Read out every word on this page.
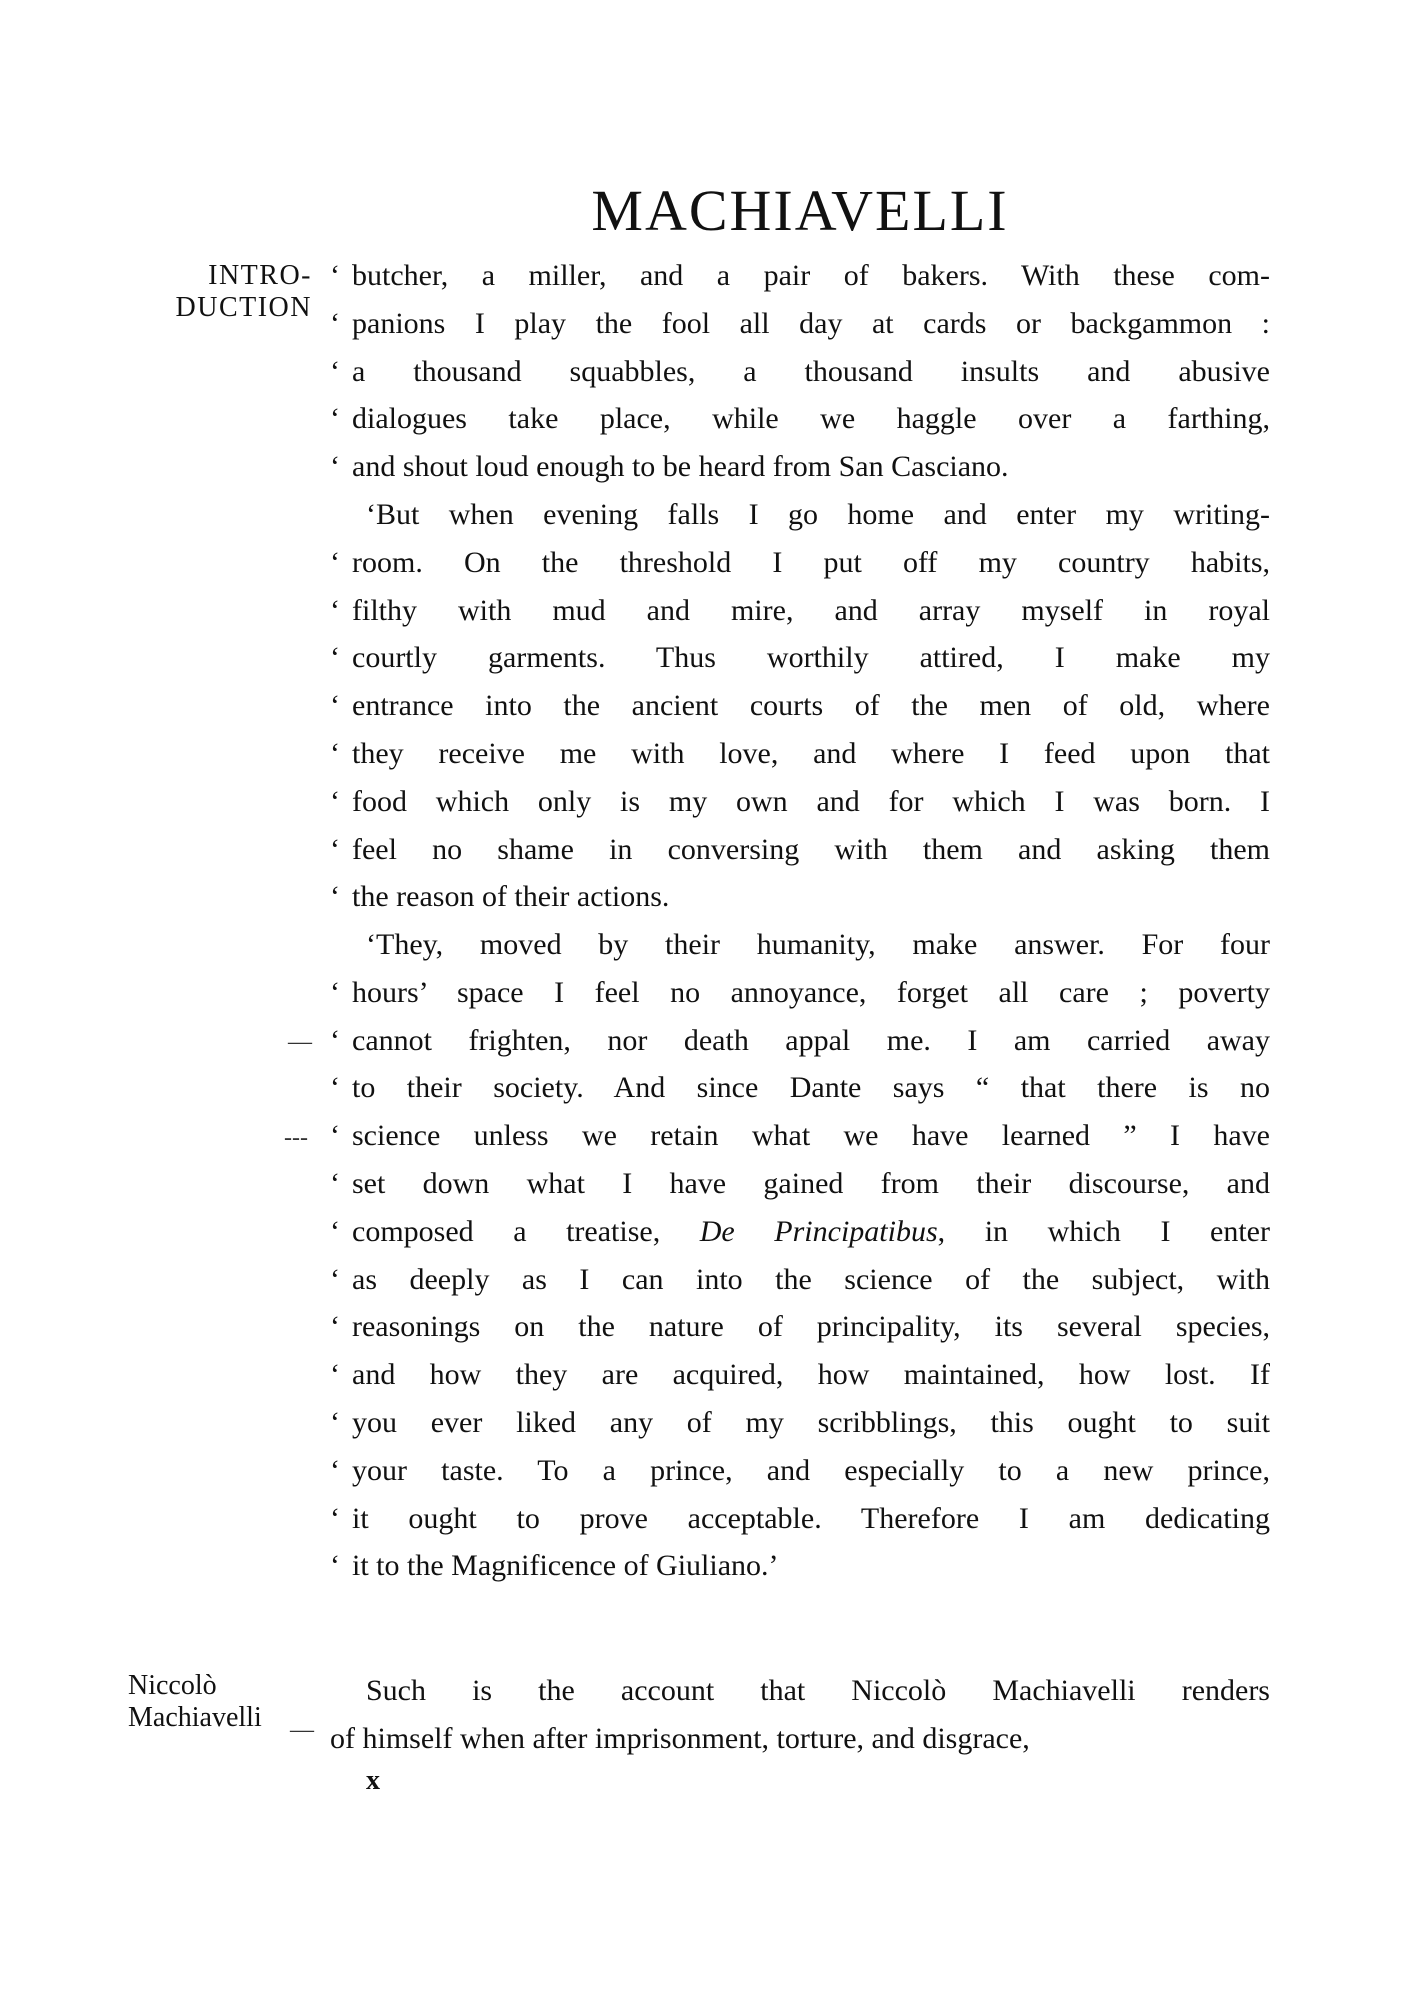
MACHIAVELLI
INTRO-
DUCTION
Niccolò
Machiavelli
—
---
—
‘ butcher, a miller, and a pair of bakers. With these com-
‘ panions I play the fool all day at cards or backgammon :
‘ a thousand squabbles, a thousand insults and abusive
‘ dialogues take place, while we haggle over a farthing,
‘ and shout loud enough to be heard from San Casciano.
‘But when evening falls I go home and enter my writing-
‘ room. On the threshold I put off my country habits,
‘ filthy with mud and mire, and array myself in royal
‘ courtly garments. Thus worthily attired, I make my
‘ entrance into the ancient courts of the men of old, where
‘ they receive me with love, and where I feed upon that
‘ food which only is my own and for which I was born. I
‘ feel no shame in conversing with them and asking them
‘ the reason of their actions.
‘They, moved by their humanity, make answer. For four
‘ hours’ space I feel no annoyance, forget all care ; poverty
‘ cannot frighten, nor death appal me. I am carried away
‘ to their society. And since Dante says “ that there is no
‘ science unless we retain what we have learned ” I have
‘ set down what I have gained from their discourse, and
‘ composed a treatise, De Principatibus, in which I enter
‘ as deeply as I can into the science of the subject, with
‘ reasonings on the nature of principality, its several species,
‘ and how they are acquired, how maintained, how lost. If
‘ you ever liked any of my scribblings, this ought to suit
‘ your taste. To a prince, and especially to a new prince,
‘ it ought to prove acceptable. Therefore I am dedicating
‘ it to the Magnificence of Giuliano.’
Such is the account that Niccolò Machiavelli renders
of himself when after imprisonment, torture, and disgrace,
x
